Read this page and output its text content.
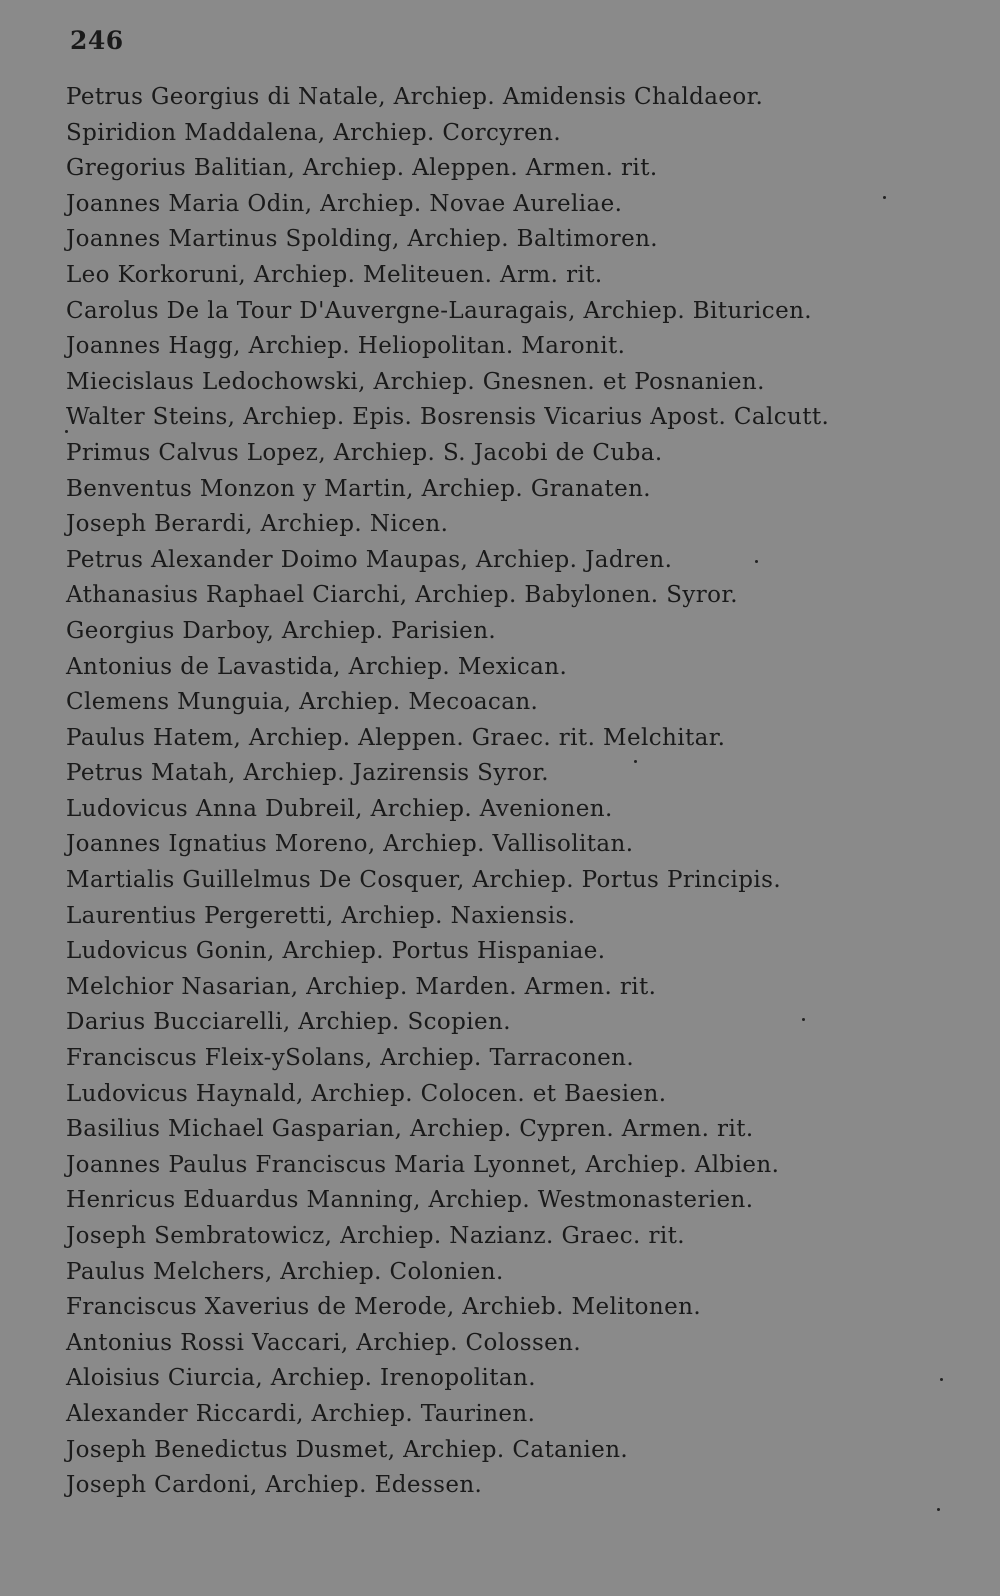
246
Petrus Georgius di Natale, Archiep. Amidensis Chaldaeor.
Spiridion Maddalena, Archiep. Corcyren.
Gregorius Balitian, Archiep. Aleppen. Armen. rit.
Joannes Maria Odin, Archiep. Novae Aureliae.
Joannes Martinus Spolding, Archiep. Baltimoren.
Leo Korkoruni, Archiep. Meliteuen. Arm. rit.
Carolus De la Tour D'Auvergne-Lauragais, Archiep. Bituricen.
Joannes Hagg, Archiep. Heliopolitan. Maronit.
Miecislaus Ledochowski, Archiep. Gnesnen. et Posnanien.
Walter Steins, Archiep. Epis. Bosrensis Vicarius Apost. Calcutt.
Primus Calvus Lopez, Archiep. S. Jacobi de Cuba.
Benventus Monzon y Martin, Archiep. Granaten.
Joseph Berardi, Archiep. Nicen.
Petrus Alexander Doimo Maupas, Archiep. Jadren.
Athanasius Raphael Ciarchi, Archiep. Babylonen. Syror.
Georgius Darboy, Archiep. Parisien.
Antonius de Lavastida, Archiep. Mexican.
Clemens Munguia, Archiep. Mecoacan.
Paulus Hatem, Archiep. Aleppen. Graec. rit. Melchitar.
Petrus Matah, Archiep. Jazirensis Syror.
Ludovicus Anna Dubreil, Archiep. Avenionen.
Joannes Ignatius Moreno, Archiep. Vallisolitan.
Martialis Guillelmus De Cosquer, Archiep. Portus Principis.
Laurentius Pergeretti, Archiep. Naxiensis.
Ludovicus Gonin, Archiep. Portus Hispaniae.
Melchior Nasarian, Archiep. Marden. Armen. rit.
Darius Bucciarelli, Archiep. Scopien.
Franciscus Fleix-ySolans, Archiep. Tarraconen.
Ludovicus Haynald, Archiep. Colocen. et Baesien.
Basilius Michael Gasparian, Archiep. Cypren. Armen. rit.
Joannes Paulus Franciscus Maria Lyonnet, Archiep. Albien.
Henricus Eduardus Manning, Archiep. Westmonasterien.
Joseph Sembratowicz, Archiep. Nazianz. Graec. rit.
Paulus Melchers, Archiep. Colonien.
Franciscus Xaverius de Merode, Archieb. Melitonen.
Antonius Rossi Vaccari, Archiep. Colossen.
Aloisius Ciurcia, Archiep. Irenopolitan.
Alexander Riccardi, Archiep. Taurinen.
Joseph Benedictus Dusmet, Archiep. Catanien.
Joseph Cardoni, Archiep. Edessen.
